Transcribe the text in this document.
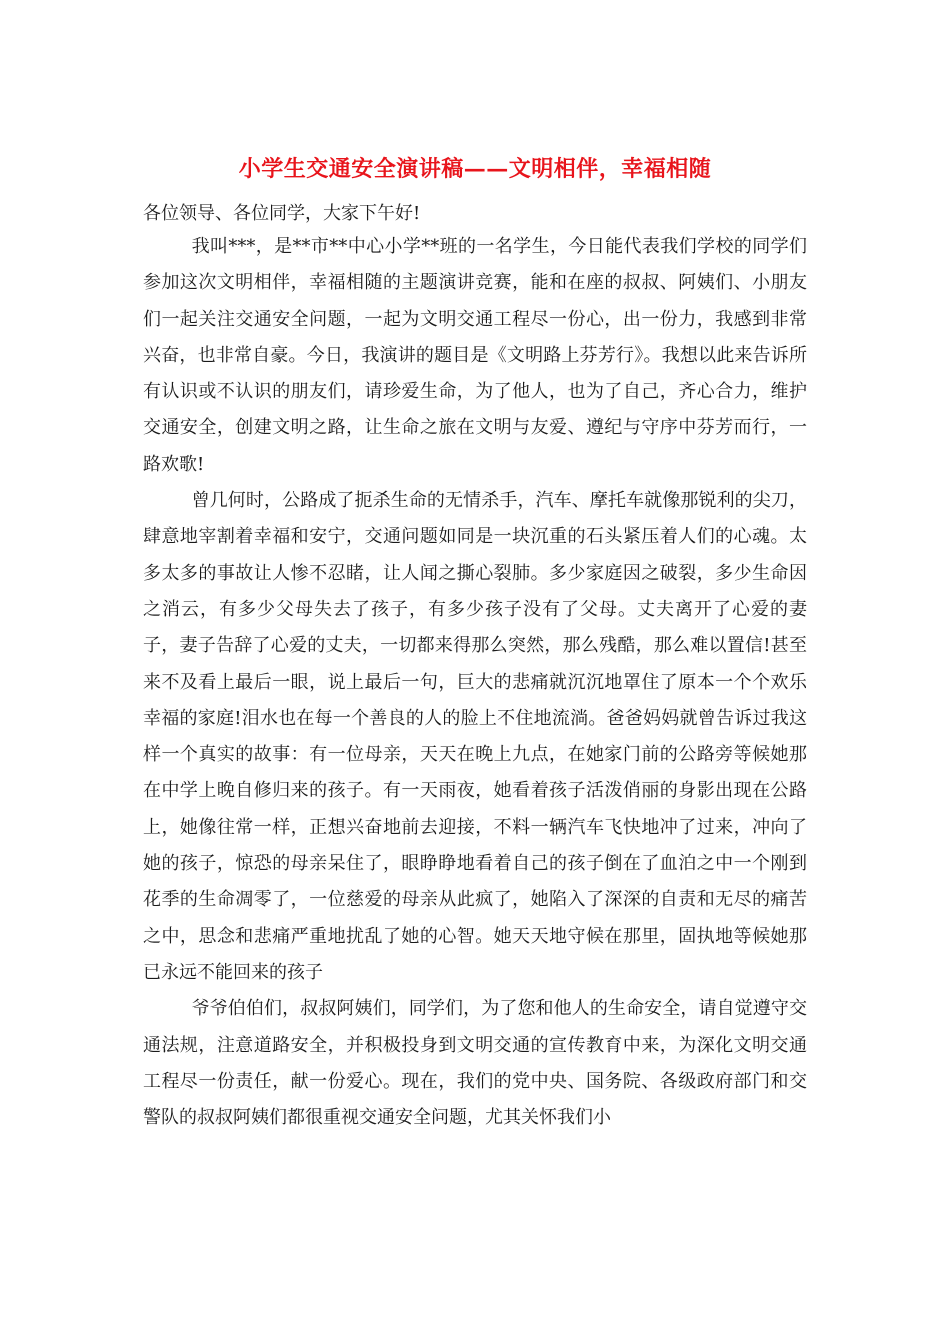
小学生交通安全演讲稿——文明相伴，幸福相随
各位领导、各位同学，大家下午好!

我叫***，是**市**中心小学**班的一名学生，今日能代表我们学校的同学们参加这次文明相伴，幸福相随的主题演讲竞赛，能和在座的叔叔、阿姨们、小朋友们一起关注交通安全问题，一起为文明交通工程尽一份心，出一份力，我感到非常兴奋，也非常自豪。今日，我演讲的题目是《文明路上芬芳行》。我想以此来告诉所有认识或不认识的朋友们，请珍爱生命，为了他人，也为了自己，齐心合力，维护交通安全，创建文明之路，让生命之旅在文明与友爱、遵纪与守序中芬芳而行，一路欢歌!

曾几何时，公路成了扼杀生命的无情杀手，汽车、摩托车就像那锐利的尖刀，肆意地宰割着幸福和安宁，交通问题如同是一块沉重的石头紧压着人们的心魂。太多太多的事故让人惨不忍睹，让人闻之撕心裂肺。多少家庭因之破裂，多少生命因之消云，有多少父母失去了孩子，有多少孩子没有了父母。丈夫离开了心爱的妻子，妻子告辞了心爱的丈夫，一切都来得那么突然，那么残酷，那么难以置信!甚至来不及看上最后一眼，说上最后一句，巨大的悲痛就沉沉地罩住了原本一个个欢乐幸福的家庭!泪水也在每一个善良的人的脸上不住地流淌。爸爸妈妈就曾告诉过我这样一个真实的故事：有一位母亲，天天在晚上九点，在她家门前的公路旁等候她那在中学上晚自修归来的孩子。有一天雨夜，她看着孩子活泼俏丽的身影出现在公路上，她像往常一样，正想兴奋地前去迎接，不料一辆汽车飞快地冲了过来，冲向了她的孩子，惊恐的母亲呆住了，眼睁睁地看着自己的孩子倒在了血泊之中一个刚到花季的生命凋零了，一位慈爱的母亲从此疯了，她陷入了深深的自责和无尽的痛苦之中，思念和悲痛严重地扰乱了她的心智。她天天地守候在那里，固执地等候她那已永远不能回来的孩子

爷爷伯伯们，叔叔阿姨们，同学们，为了您和他人的生命安全，请自觉遵守交通法规，注意道路安全，并积极投身到文明交通的宣传教育中来，为深化文明交通工程尽一份责任，献一份爱心。现在，我们的党中央、国务院、各级政府部门和交警队的叔叔阿姨们都很重视交通安全问题，尤其关怀我们小
